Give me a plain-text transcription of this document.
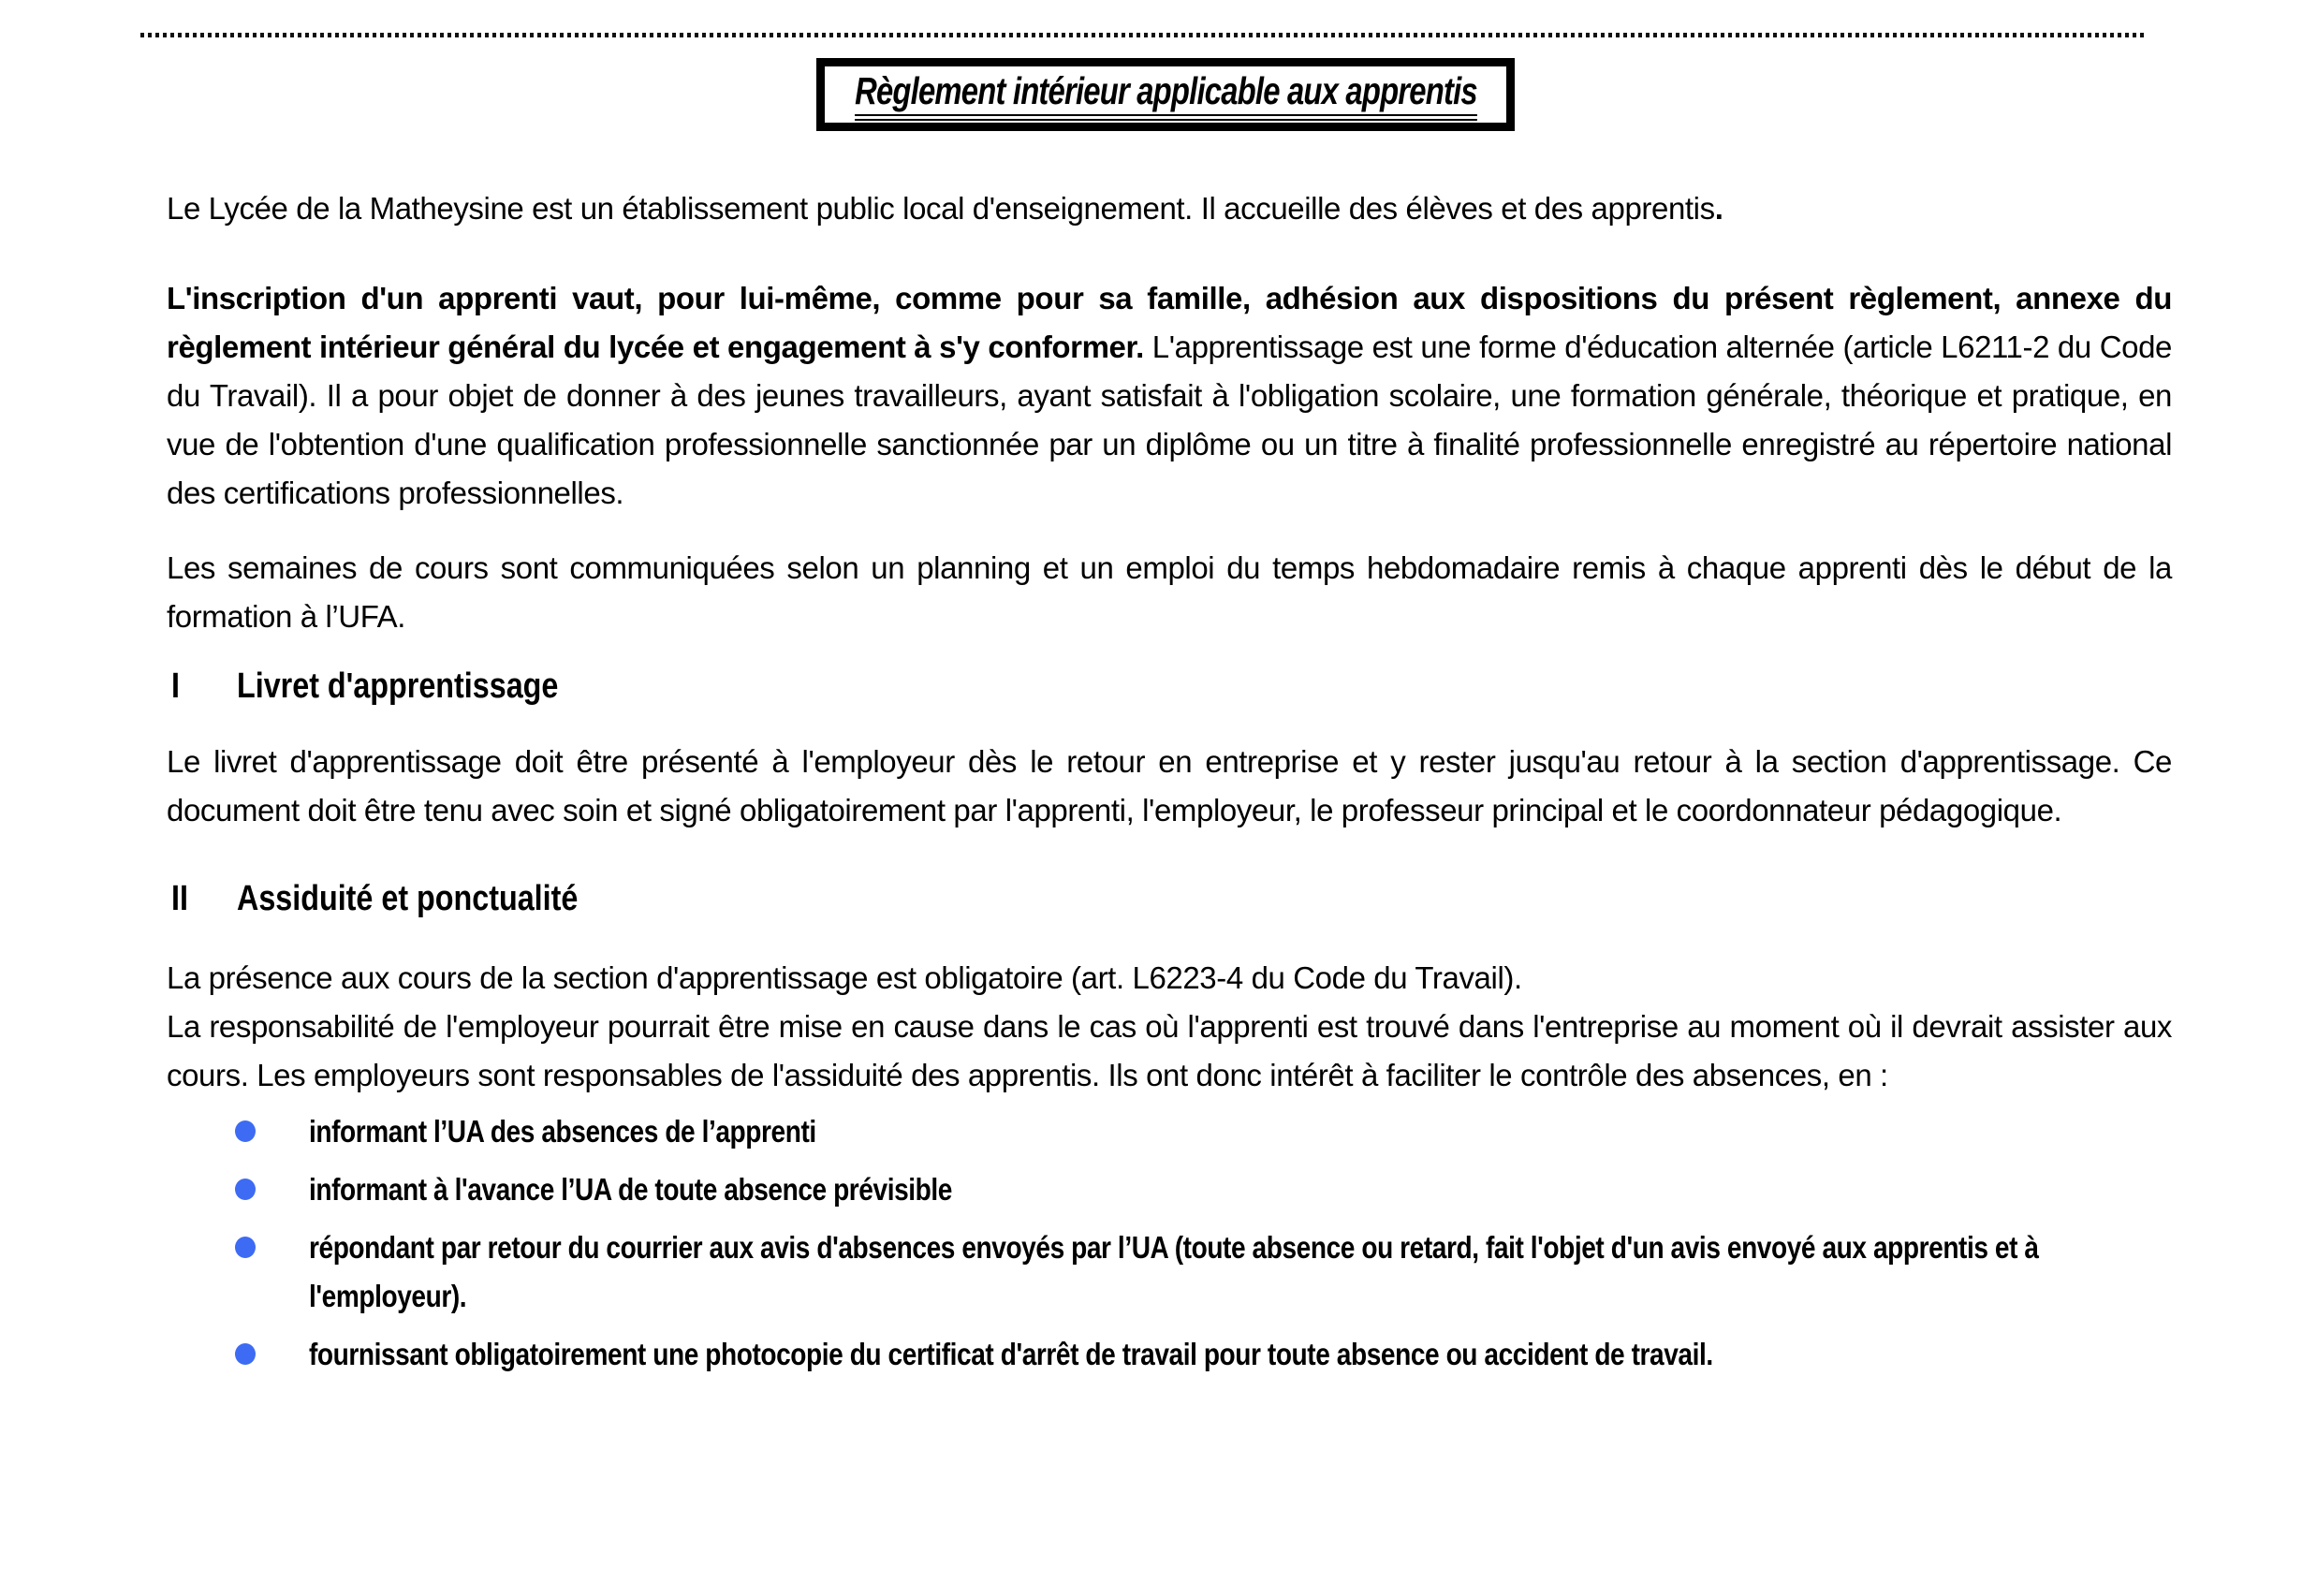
Règlement intérieur applicable aux apprentis

Le Lycée de la Matheysine est un établissement public local d'enseignement. Il accueille des élèves et des apprentis.

L'inscription d'un apprenti vaut, pour lui-même, comme pour sa famille, adhésion aux dispositions du présent règlement, annexe du règlement intérieur général du lycée et engagement à s'y conformer. L'apprentissage est une forme d'éducation alternée (article L6211-2 du Code du Travail). Il a pour objet de donner à des jeunes travailleurs, ayant satisfait à l'obligation scolaire, une formation générale, théorique et pratique, en vue de l'obtention d'une qualification professionnelle sanctionnée par un diplôme ou un titre à finalité professionnelle enregistré au répertoire national des certifications professionnelles.

Les semaines de cours sont communiquées selon un planning et un emploi du temps hebdomadaire remis à chaque apprenti dès le début de la formation à l’UFA.

I	Livret d'apprentissage

Le livret d'apprentissage doit être présenté à l'employeur dès le retour en entreprise et y rester jusqu'au retour à la section d'apprentissage. Ce document doit être tenu avec soin et signé obligatoirement par l'apprenti, l'employeur, le professeur principal et le coordonnateur pédagogique.

II	Assiduité et ponctualité

La présence aux cours de la section d'apprentissage est obligatoire (art. L6223-4 du Code du Travail).

La responsabilité de l'employeur pourrait être mise en cause dans le cas où l'apprenti est trouvé dans l'entreprise au moment où il devrait assister aux cours. Les employeurs sont responsables de l'assiduité des apprentis. Ils ont donc intérêt à faciliter le contrôle des absences, en :

informant l’UA des absences de l’apprenti
informant à l'avance l’UA de toute absence prévisible
répondant par retour du courrier aux avis d'absences envoyés par l’UA (toute absence ou retard, fait l'objet d'un avis envoyé aux apprentis et à l'employeur).
fournissant obligatoirement une photocopie du certificat d'arrêt de travail pour toute absence ou accident de travail.
